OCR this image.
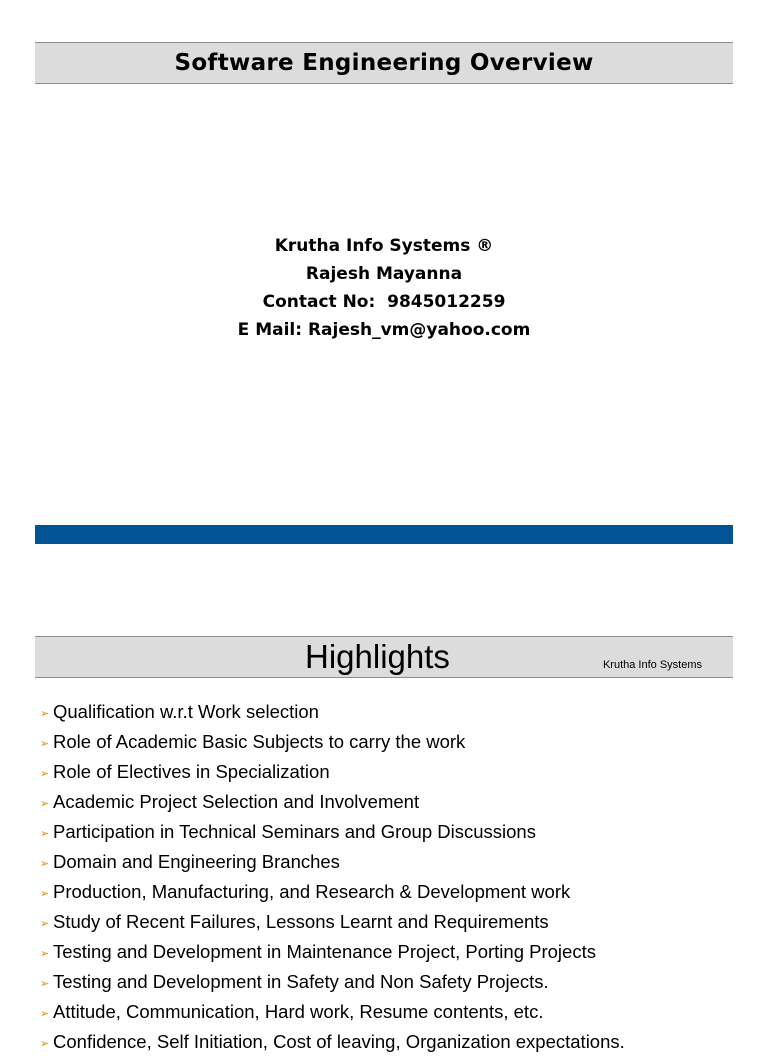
Software Engineering Overview
Krutha Info Systems ®
Rajesh Mayanna
Contact No:  9845012259
E Mail: Rajesh_vm@yahoo.com
Highlights	Krutha Info Systems
➢ Qualification w.r.t Work selection
➢ Role of Academic Basic Subjects to carry the work
➢ Role of Electives in Specialization
➢ Academic Project Selection and Involvement
➢ Participation in Technical Seminars and Group Discussions
➢ Domain and Engineering Branches
➢ Production, Manufacturing, and Research & Development work
➢ Study of Recent Failures, Lessons Learnt and Requirements
➢ Testing and Development in Maintenance Project, Porting Projects
➢ Testing and Development in Safety and Non Safety Projects.
➢ Attitude, Communication, Hard work, Resume contents, etc.
➢ Confidence, Self Initiation, Cost of leaving, Organization expectations.
